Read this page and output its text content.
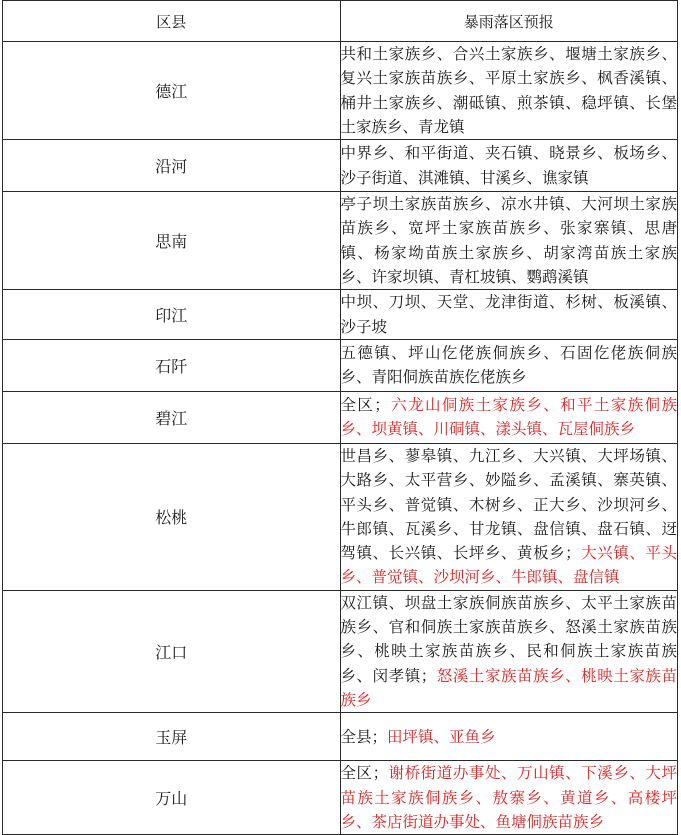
区县	暴雨落区预报
德江	共和土家族乡、合兴土家族乡、堰塘土家族乡、复兴土家族苗族乡、平原土家族乡、枫香溪镇、桶井土家族乡、潮砥镇、煎茶镇、稳坪镇、长堡土家族乡、青龙镇
沿河	中界乡、和平街道、夹石镇、晓景乡、板场乡、沙子街道、淇滩镇、甘溪乡、谯家镇
思南	亭子坝土家族苗族乡、凉水井镇、大河坝土家族苗族乡、宽坪土家族苗族乡、张家寨镇、思唐镇、杨家坳苗族土家族乡、胡家湾苗族土家族乡、许家坝镇、青杠坡镇、鹦鹉溪镇
印江	中坝、刀坝、天堂、龙津街道、杉树、板溪镇、沙子坡
石阡	五德镇、坪山仡佬族侗族乡、石固仡佬族侗族乡、青阳侗族苗族仡佬族乡
碧江	全区；六龙山侗族土家族乡、和平土家族侗族乡、坝黄镇、川硐镇、漾头镇、瓦屋侗族乡
松桃	世昌乡、蓼皋镇、九江乡、大兴镇、大坪场镇、大路乡、太平营乡、妙隘乡、孟溪镇、寨英镇、平头乡、普觉镇、木树乡、正大乡、沙坝河乡、牛郎镇、瓦溪乡、甘龙镇、盘信镇、盘石镇、迓驾镇、长兴镇、长坪乡、黄板乡；大兴镇、平头乡、普觉镇、沙坝河乡、牛郎镇、盘信镇
江口	双江镇、坝盘土家族侗族苗族乡、太平土家族苗族乡、官和侗族土家族苗族乡、怒溪土家族苗族乡、桃映土家族苗族乡、民和侗族土家族苗族乡、闵孝镇；怒溪土家族苗族乡、桃映土家族苗族乡
玉屏	全县；田坪镇、亚鱼乡
万山	全区；谢桥街道办事处、万山镇、下溪乡、大坪苗族土家族侗族乡、敖寨乡、黄道乡、高楼坪乡、茶店街道办事处、鱼塘侗族苗族乡
